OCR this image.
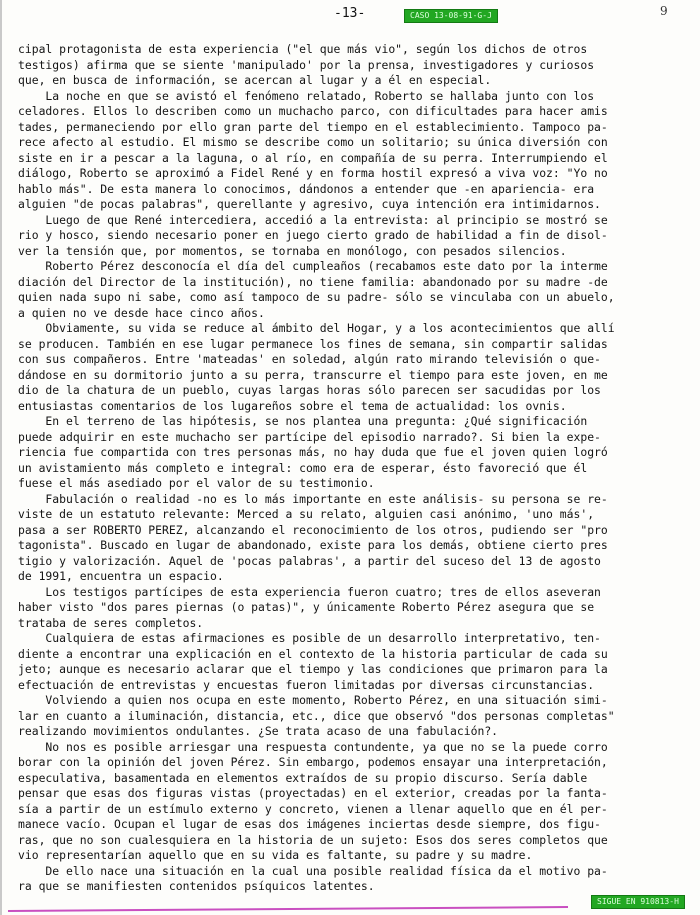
-13-	CASO 13-08-91-G-J	9
cipal protagonista de esta experiencia ("el que más vio", según los dichos de otros
testigos) afirma que se siente 'manipulado' por la prensa, investigadores y curiosos
que, en busca de información, se acercan al lugar y a él en especial.
La noche en que se avistó el fenómeno relatado, Roberto se hallaba junto con los
celadores. Ellos lo describen como un muchacho parco, con dificultades para hacer amis
tades, permaneciendo por ello gran parte del tiempo en el establecimiento. Tampoco pa-
rece afecto al estudio. El mismo se describe como un solitario; su única diversión con
siste en ir a pescar a la laguna, o al río, en compañía de su perra. Interrumpiendo el
diálogo, Roberto se aproximó a Fidel René y en forma hostil expresó a viva voz: "Yo no
hablo más". De esta manera lo conocimos, dándonos a entender que -en apariencia- era
alguien "de pocas palabras", querellante y agresivo, cuya intención era intimidarnos.
Luego de que René intercediera, accedió a la entrevista: al principio se mostró se
rio y hosco, siendo necesario poner en juego cierto grado de habilidad a fin de disol-
ver la tensión que, por momentos, se tornaba en monólogo, con pesados silencios.
Roberto Pérez desconocía el día del cumpleaños (recabamos este dato por la interme
diación del Director de la institución), no tiene familia: abandonado por su madre -de
quien nada supo ni sabe, como así tampoco de su padre- sólo se vinculaba con un abuelo,
a quien no ve desde hace cinco años.
Obviamente, su vida se reduce al ámbito del Hogar, y a los acontecimientos que allí
se producen. También en ese lugar permanece los fines de semana, sin compartir salidas
con sus compañeros. Entre 'mateadas' en soledad, algún rato mirando televisión o que-
dándose en su dormitorio junto a su perra, transcurre el tiempo para este joven, en me
dio de la chatura de un pueblo, cuyas largas horas sólo parecen ser sacudidas por los
entusiastas comentarios de los lugareños sobre el tema de actualidad: los ovnis.
En el terreno de las hipótesis, se nos plantea una pregunta: ¿Qué significación
puede adquirir en este muchacho ser partícipe del episodio narrado?. Si bien la expe-
riencia fue compartida con tres personas más, no hay duda que fue el joven quien logró
un avistamiento más completo e integral: como era de esperar, ésto favoreció que él
fuese el más asediado por el valor de su testimonio.
Fabulación o realidad -no es lo más importante en este análisis- su persona se re-
viste de un estatuto relevante: Merced a su relato, alguien casi anónimo, 'uno más',
pasa a ser ROBERTO PEREZ, alcanzando el reconocimiento de los otros, pudiendo ser "pro
tagonista". Buscado en lugar de abandonado, existe para los demás, obtiene cierto pres
tigio y valorización. Aquel de 'pocas palabras', a partir del suceso del 13 de agosto
de 1991, encuentra un espacio.
Los testigos partícipes de esta experiencia fueron cuatro; tres de ellos aseveran
haber visto "dos pares piernas (o patas)", y únicamente Roberto Pérez asegura que se
trataba de seres completos.
Cualquiera de estas afirmaciones es posible de un desarrollo interpretativo, ten-
diente a encontrar una explicación en el contexto de la historia particular de cada su
jeto; aunque es necesario aclarar que el tiempo y las condiciones que primaron para la
efectuación de entrevistas y encuestas fueron limitadas por diversas circunstancias.
Volviendo a quien nos ocupa en este momento, Roberto Pérez, en una situación simi-
lar en cuanto a iluminación, distancia, etc., dice que observó "dos personas completas"
realizando movimientos ondulantes. ¿Se trata acaso de una fabulación?.
No nos es posible arriesgar una respuesta contundente, ya que no se la puede corro
borar con la opinión del joven Pérez. Sin embargo, podemos ensayar una interpretación,
especulativa, basamentada en elementos extraídos de su propio discurso. Sería dable
pensar que esas dos figuras vistas (proyectadas) en el exterior, creadas por la fanta-
sía a partir de un estímulo externo y concreto, vienen a llenar aquello que en él per-
manece vacío. Ocupan el lugar de esas dos imágenes inciertas desde siempre, dos figu-
ras, que no son cualesquiera en la historia de un sujeto: Esos dos seres completos que
vio representarían aquello que en su vida es faltante, su padre y su madre.
De ello nace una situación en la cual una posible realidad física da el motivo pa-
ra que se manifiesten contenidos psíquicos latentes.
SIGUE EN 910813-H
